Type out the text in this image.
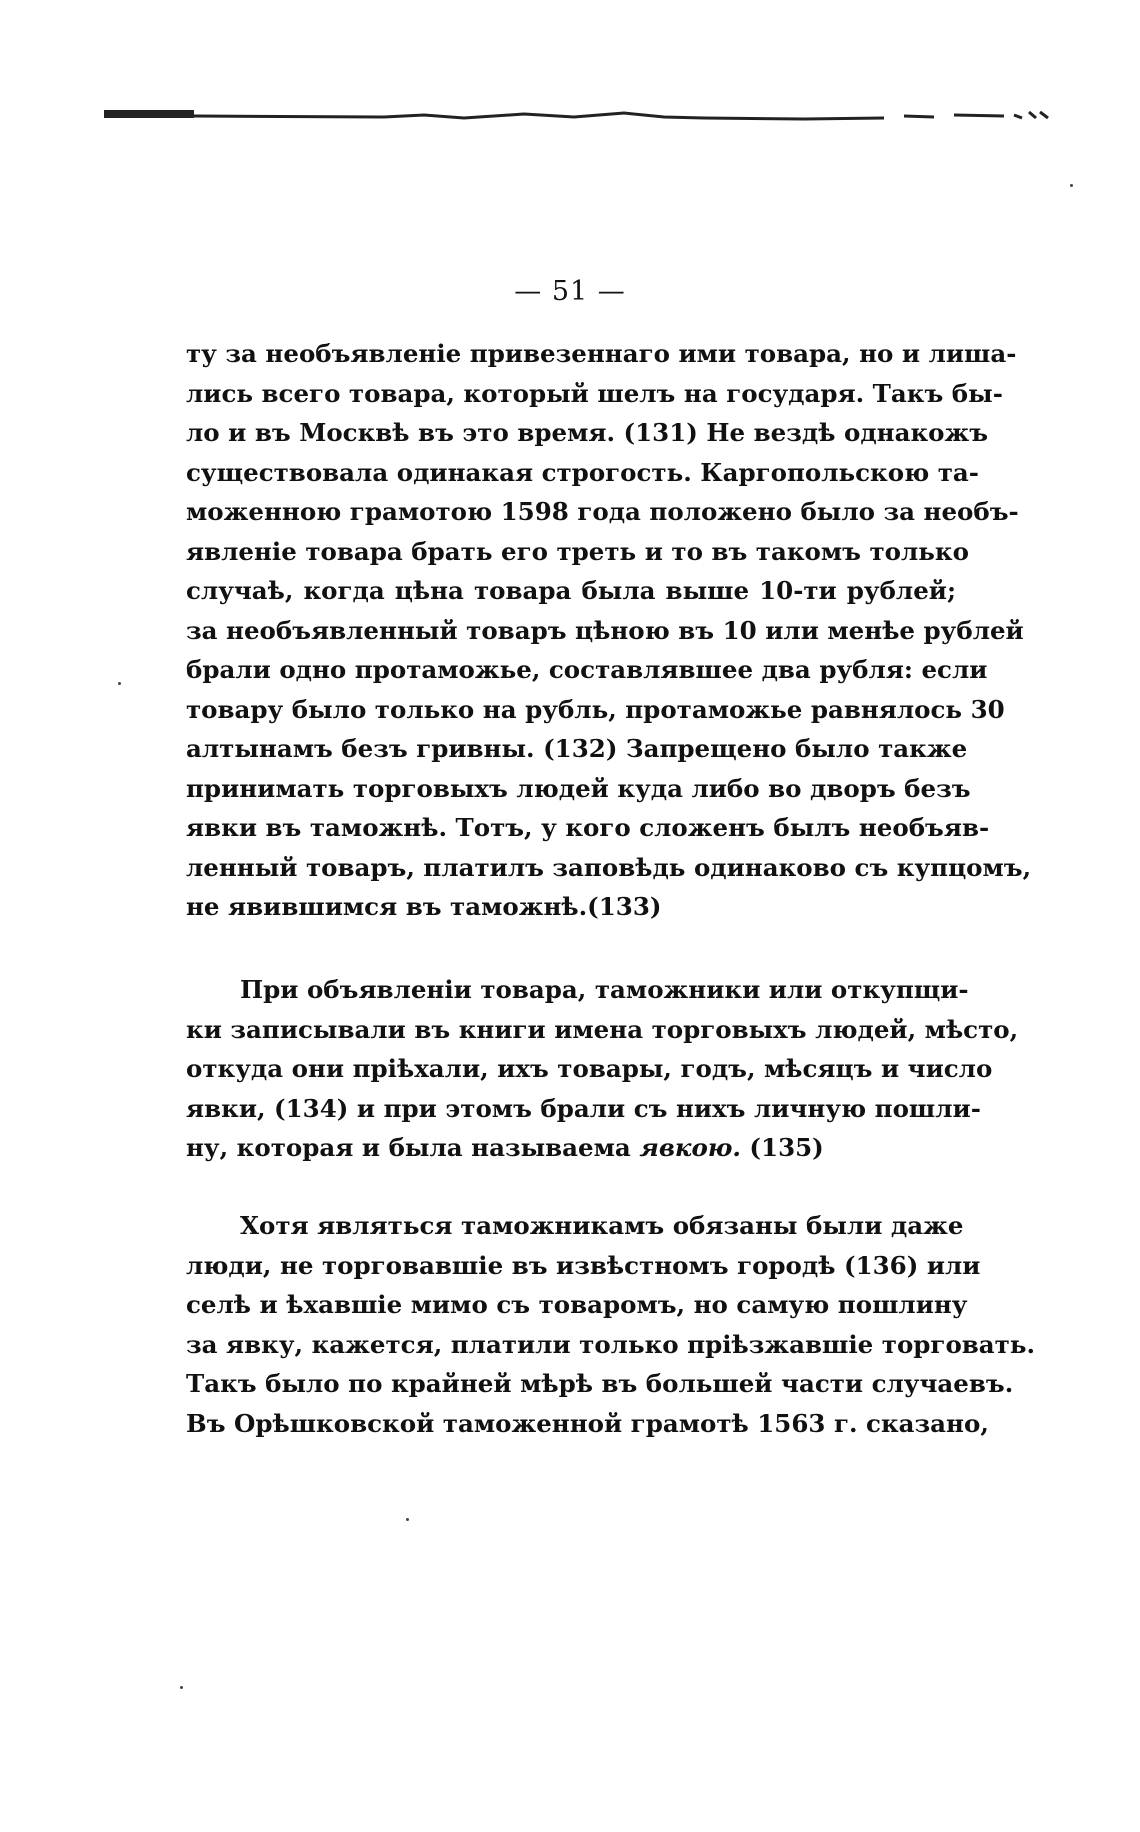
— 51 —
ту за необъявленіе привезеннаго ими товара, но и лиша-
лись всего товара, который шелъ на государя. Такъ бы-
ло и въ Москвѣ въ это время. (131) Не вездѣ однакожъ
существовала одинакая строгость. Каргопольскою та-
моженною грамотою 1598 года положено было за необъ-
явленіе товара брать его треть и то въ такомъ только
случаѣ, когда цѣна товара была выше 10-ти рублей;
за необъявленный товаръ цѣною въ 10 или менѣе рублей
брали одно протаможье, составлявшее два рубля: если
товару было только на рубль, протаможье равнялось 30
алтынамъ безъ гривны. (132) Запрещено было также
принимать торговыхъ людей куда либо во дворъ безъ
явки въ таможнѣ. Тотъ, у кого сложенъ былъ необъяв-
ленный товаръ, платилъ заповѣдь одинаково съ купцомъ,
не явившимся въ таможнѣ.(133)
При объявленіи товара, таможники или откупщи-
ки записывали въ книги имена торговыхъ людей, мѣсто,
откуда они пріѣхали, ихъ товары, годъ, мѣсяцъ и число
явки, (134) и при этомъ брали съ нихъ личную пошли-
ну, которая и была называема явкою. (135)
Хотя являться таможникамъ обязаны были даже
люди, не торговавшіе въ извѣстномъ городѣ (136) или
селѣ и ѣхавшіе мимо съ товаромъ, но самую пошлину
за явку, кажется, платили только пріѣзжавшіе торговать.
Такъ было по крайней мѣрѣ въ большей части случаевъ.
Въ Орѣшковской таможенной грамотѣ 1563 г. сказано,
